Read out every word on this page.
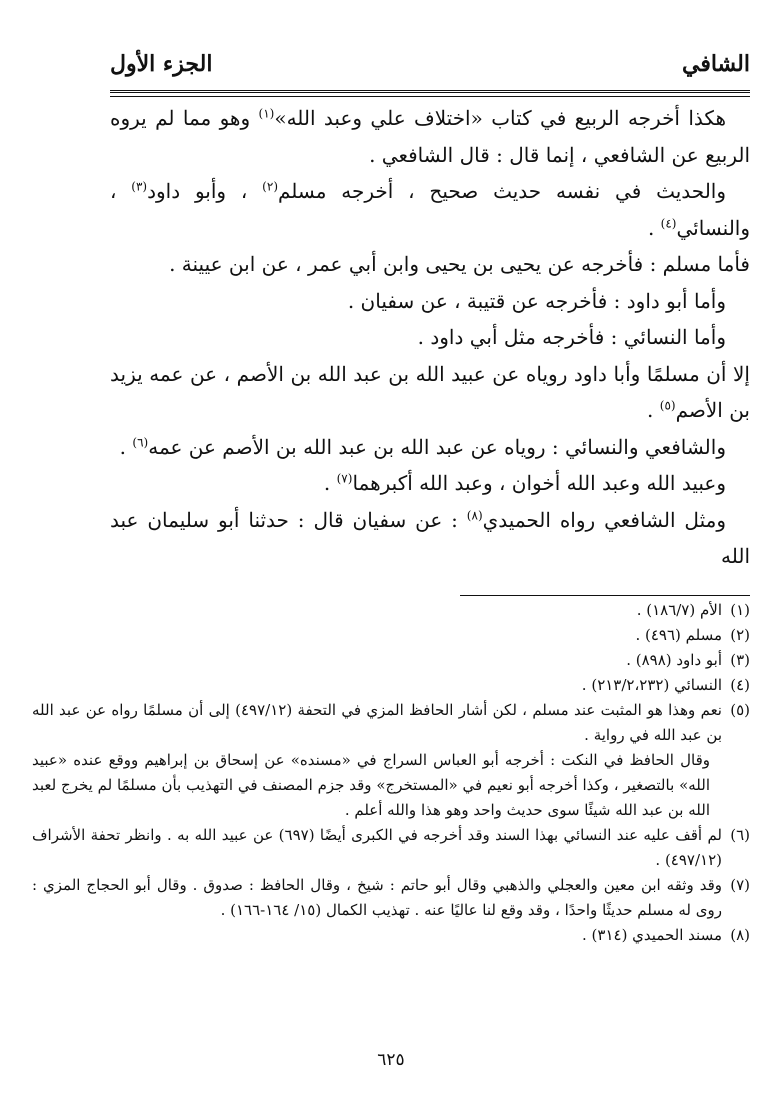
الشافي
الجزء الأول

هكذا أخرجه الربيع في كتاب «اختلاف علي وعبد الله»$^{(١)}$ وهو مما لم يروه الربيع عن الشافعي ، إنما قال : قال الشافعي .

والحديث في نفسه حديث صحيح ، أخرجه مسلم$^{(٢)}$ ، وأبو داود$^{(٣)}$ ، والنسائي$^{(٤)}$ .

فأما مسلم : فأخرجه عن يحيى بن يحيى وابن أبي عمر ، عن ابن عيينة .

وأما أبو داود : فأخرجه عن قتيبة ، عن سفيان .

وأما النسائي : فأخرجه مثل أبي داود .

إلا أن مسلمًا وأبا داود روياه عن عبيد الله بن عبد الله بن الأصم ، عن عمه يزيد بن الأصم$^{(٥)}$ .

والشافعي والنسائي : روياه عن عبد الله بن عبد الله بن الأصم عن عمه$^{(٦)}$ .

وعبيد الله وعبد الله أخوان ، وعبد الله أكبرهما$^{(٧)}$ .

ومثل الشافعي رواه الحميدي$^{(٨)}$ : عن سفيان قال : حدثنا أبو سليمان عبد الله

(١)
الأم (١٨٦/٧) .

(٢)
مسلم (٤٩٦) .

(٣)
أبو داود (٨٩٨) .

(٤)
النسائي (٢١٣/٢،٢٣٢) .

(٥)
نعم وهذا هو المثبت عند مسلم ، لكن أشار الحافظ المزي في التحفة (٤٩٧/١٢) إلى أن مسلمًا رواه عن عبد الله بن عبد الله في رواية .

وقال الحافظ في النكت : أخرجه أبو العباس السراج في «مسنده» عن إسحاق بن إبراهيم ووقع عنده «عبيد الله» بالتصغير ، وكذا أخرجه أبو نعيم في «المستخرج» وقد جزم المصنف في التهذيب بأن مسلمًا لم يخرج لعبد الله بن عبد الله شيئًا سوى حديث واحد وهو هذا والله أعلم .

(٦)
لم أقف عليه عند النسائي بهذا السند وقد أخرجه في الكبرى أيضًا (٦٩٧) عن عبيد الله به . وانظر تحفة الأشراف (٤٩٧/١٢) .

(٧)
وقد وثقه ابن معين والعجلي والذهبي وقال أبو حاتم : شيخ ، وقال الحافظ : صدوق . وقال أبو الحجاج المزي : روى له مسلم حديثًا واحدًا ، وقد وقع لنا عاليًا عنه . تهذيب الكمال (١٥/ ١٦٤-١٦٦) .

(٨)
مسند الحميدي (٣١٤) .

٦٢٥
